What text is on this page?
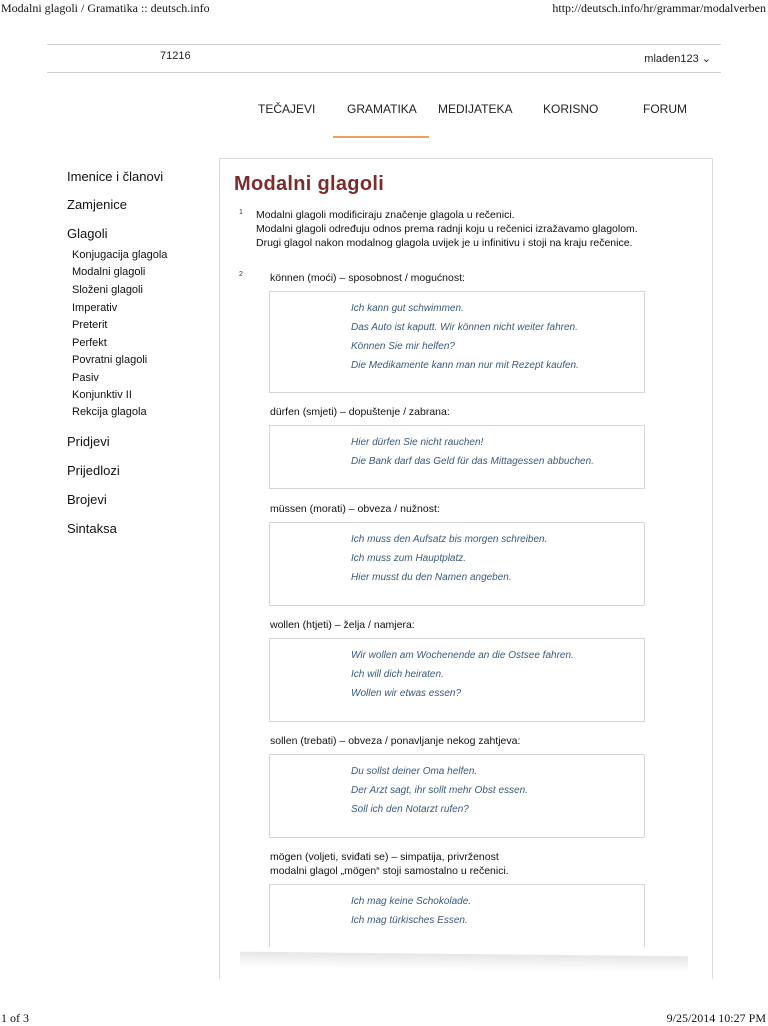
Modalni glagoli / Gramatika :: deutsch.info	http://deutsch.info/hr/grammar/modalverben
1 of 3	9/25/2014 10:27 PM
71216	mladen123 ⌄
TEČAJEVI	GRAMATIKA MEDIJATEKA	KORISNO	FORUM
Imenice i članovi
Zamjenice
Glagoli
Konjugacija glagola
Modalni glagoli
Složeni glagoli
Imperativ
Preterit
Perfekt
Povratni glagoli
Pasiv
Konjunktiv II
Rekcija glagola
Pridjevi
Prijedlozi
Brojevi
Sintaksa
Modalni glagoli
1
2
Modalni glagoli modificiraju značenje glagola u rečenici.
Modalni glagoli određuju odnos prema radnji koju u rečenici izražavamo glagolom.
Drugi glagol nakon modalnog glagola uvijek je u infinitivu i stoji na kraju rečenice.
können (moći) – sposobnost / mogućnost:
Ich kann gut schwimmen.
Das Auto ist kaputt. Wir können nicht weiter fahren.
Können Sie mir helfen?
Die Medikamente kann man nur mit Rezept kaufen.
dürfen (smjeti) – dopuštenje / zabrana:
Hier dürfen Sie nicht rauchen!
Die Bank darf das Geld für das Mittagessen abbuchen.
müssen (morati) – obveza / nužnost:
Ich muss den Aufsatz bis morgen schreiben.
Ich muss zum Hauptplatz.
Hier musst du den Namen angeben.
wollen (htjeti) – želja / namjera:
Wir wollen am Wochenende an die Ostsee fahren.
Ich will dich heiraten.
Wollen wir etwas essen?
sollen (trebati) – obveza / ponavljanje nekog zahtjeva:
Du sollst deiner Oma helfen.
Der Arzt sagt, ihr sollt mehr Obst essen.
Soll ich den Notarzt rufen?
mögen (voljeti, sviđati se) – simpatija, privrženost
modalni glagol „mögen“ stoji samostalno u rečenici.
Ich mag keine Schokolade.
Ich mag türkisches Essen.
